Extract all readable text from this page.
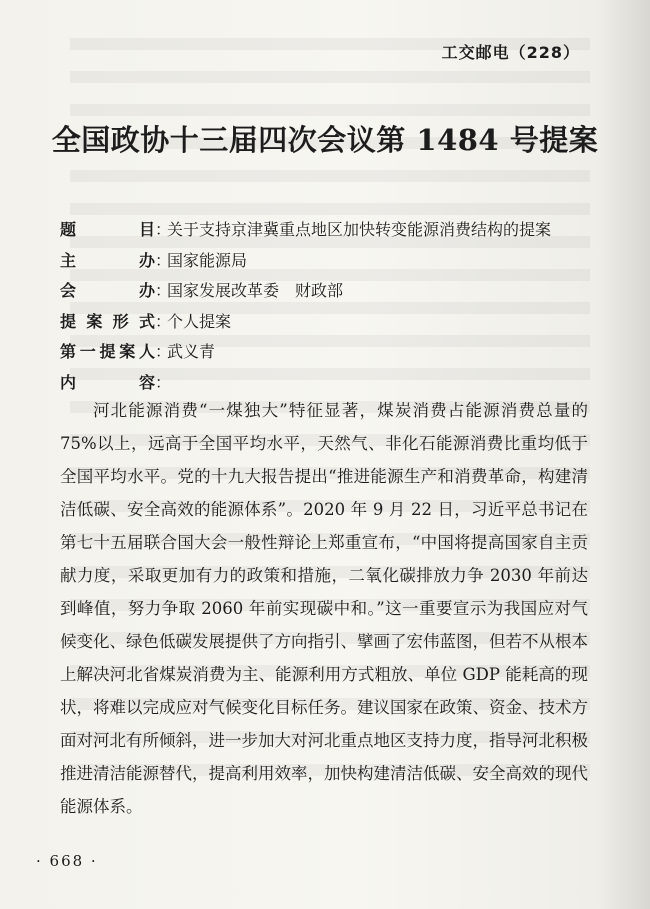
工交邮电（228）
全国政协十三届四次会议第 1484 号提案
题	目 ：
关于支持京津冀重点地区加快转变能源消费结构的提案
主	办 ：
国家能源局
会	办 ：
国家发展改革委　财政部
提 案 形 式 ：
个人提案
第 一 提 案 人 ：
武义青
内	容 ：

河北能源消费“一煤独大”特征显著，煤炭消费占能源消费总量的75%以上，远高于全国平均水平，天然气、非化石能源消费比重均低于全国平均水平。党的十九大报告提出“推进能源生产和消费革命，构建清洁低碳、安全高效的能源体系”。2020 年 9 月 22 日，习近平总书记在第七十五届联合国大会一般性辩论上郑重宣布，“中国将提高国家自主贡献力度，采取更加有力的政策和措施，二氧化碳排放力争 2030 年前达到峰值，努力争取 2060 年前实现碳中和。”这一重要宣示为我国应对气候变化、绿色低碳发展提供了方向指引、擘画了宏伟蓝图，但若不从根本上解决河北省煤炭消费为主、能源利用方式粗放、单位 GDP 能耗高的现状，将难以完成应对气候变化目标任务。建议国家在政策、资金、技术方面对河北有所倾斜，进一步加大对河北重点地区支持力度，指导河北积极推进清洁能源替代，提高利用效率，加快构建清洁低碳、安全高效的现代能源体系。

· 668 ·
